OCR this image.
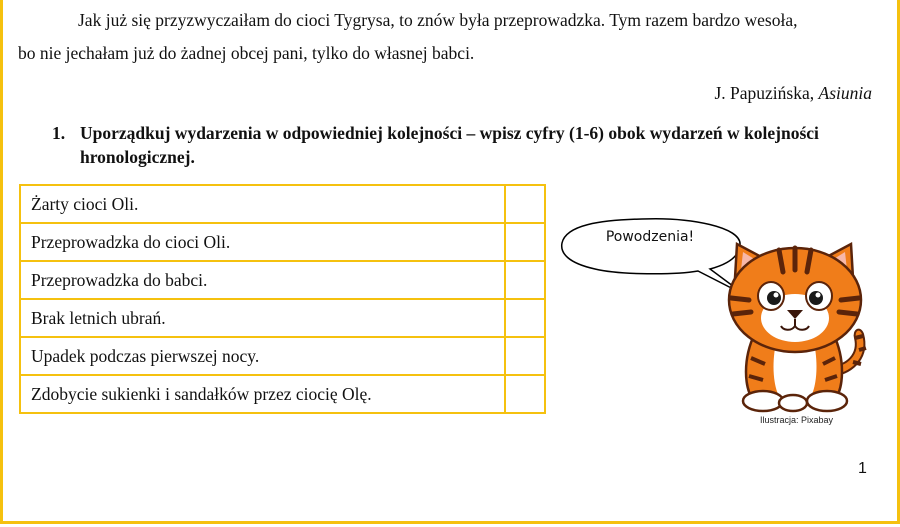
Jak już się przyzwyczaiłam do cioci Tygrysa, to znów była przeprowadzka. Tym razem bardzo wesoła,
bo nie jechałam już do żadnej obcej pani, tylko do własnej babci.
J. Papuzińska, Asiunia
1. Uporządkuj wydarzenia w odpowiedniej kolejności – wpisz cyfry (1-6) obok wydarzeń w kolejności hronologicznej.
Żarty cioci Oli.	
Przeprowadzka do cioci Oli.	
Przeprowadzka do babci.	
Brak letnich ubrań.	
Upadek podczas pierwszej nocy.	
Zdobycie sukienki i sandałków przez ciocię Olę.	
Powodzenia!
Ilustracja: Pixabay
1
